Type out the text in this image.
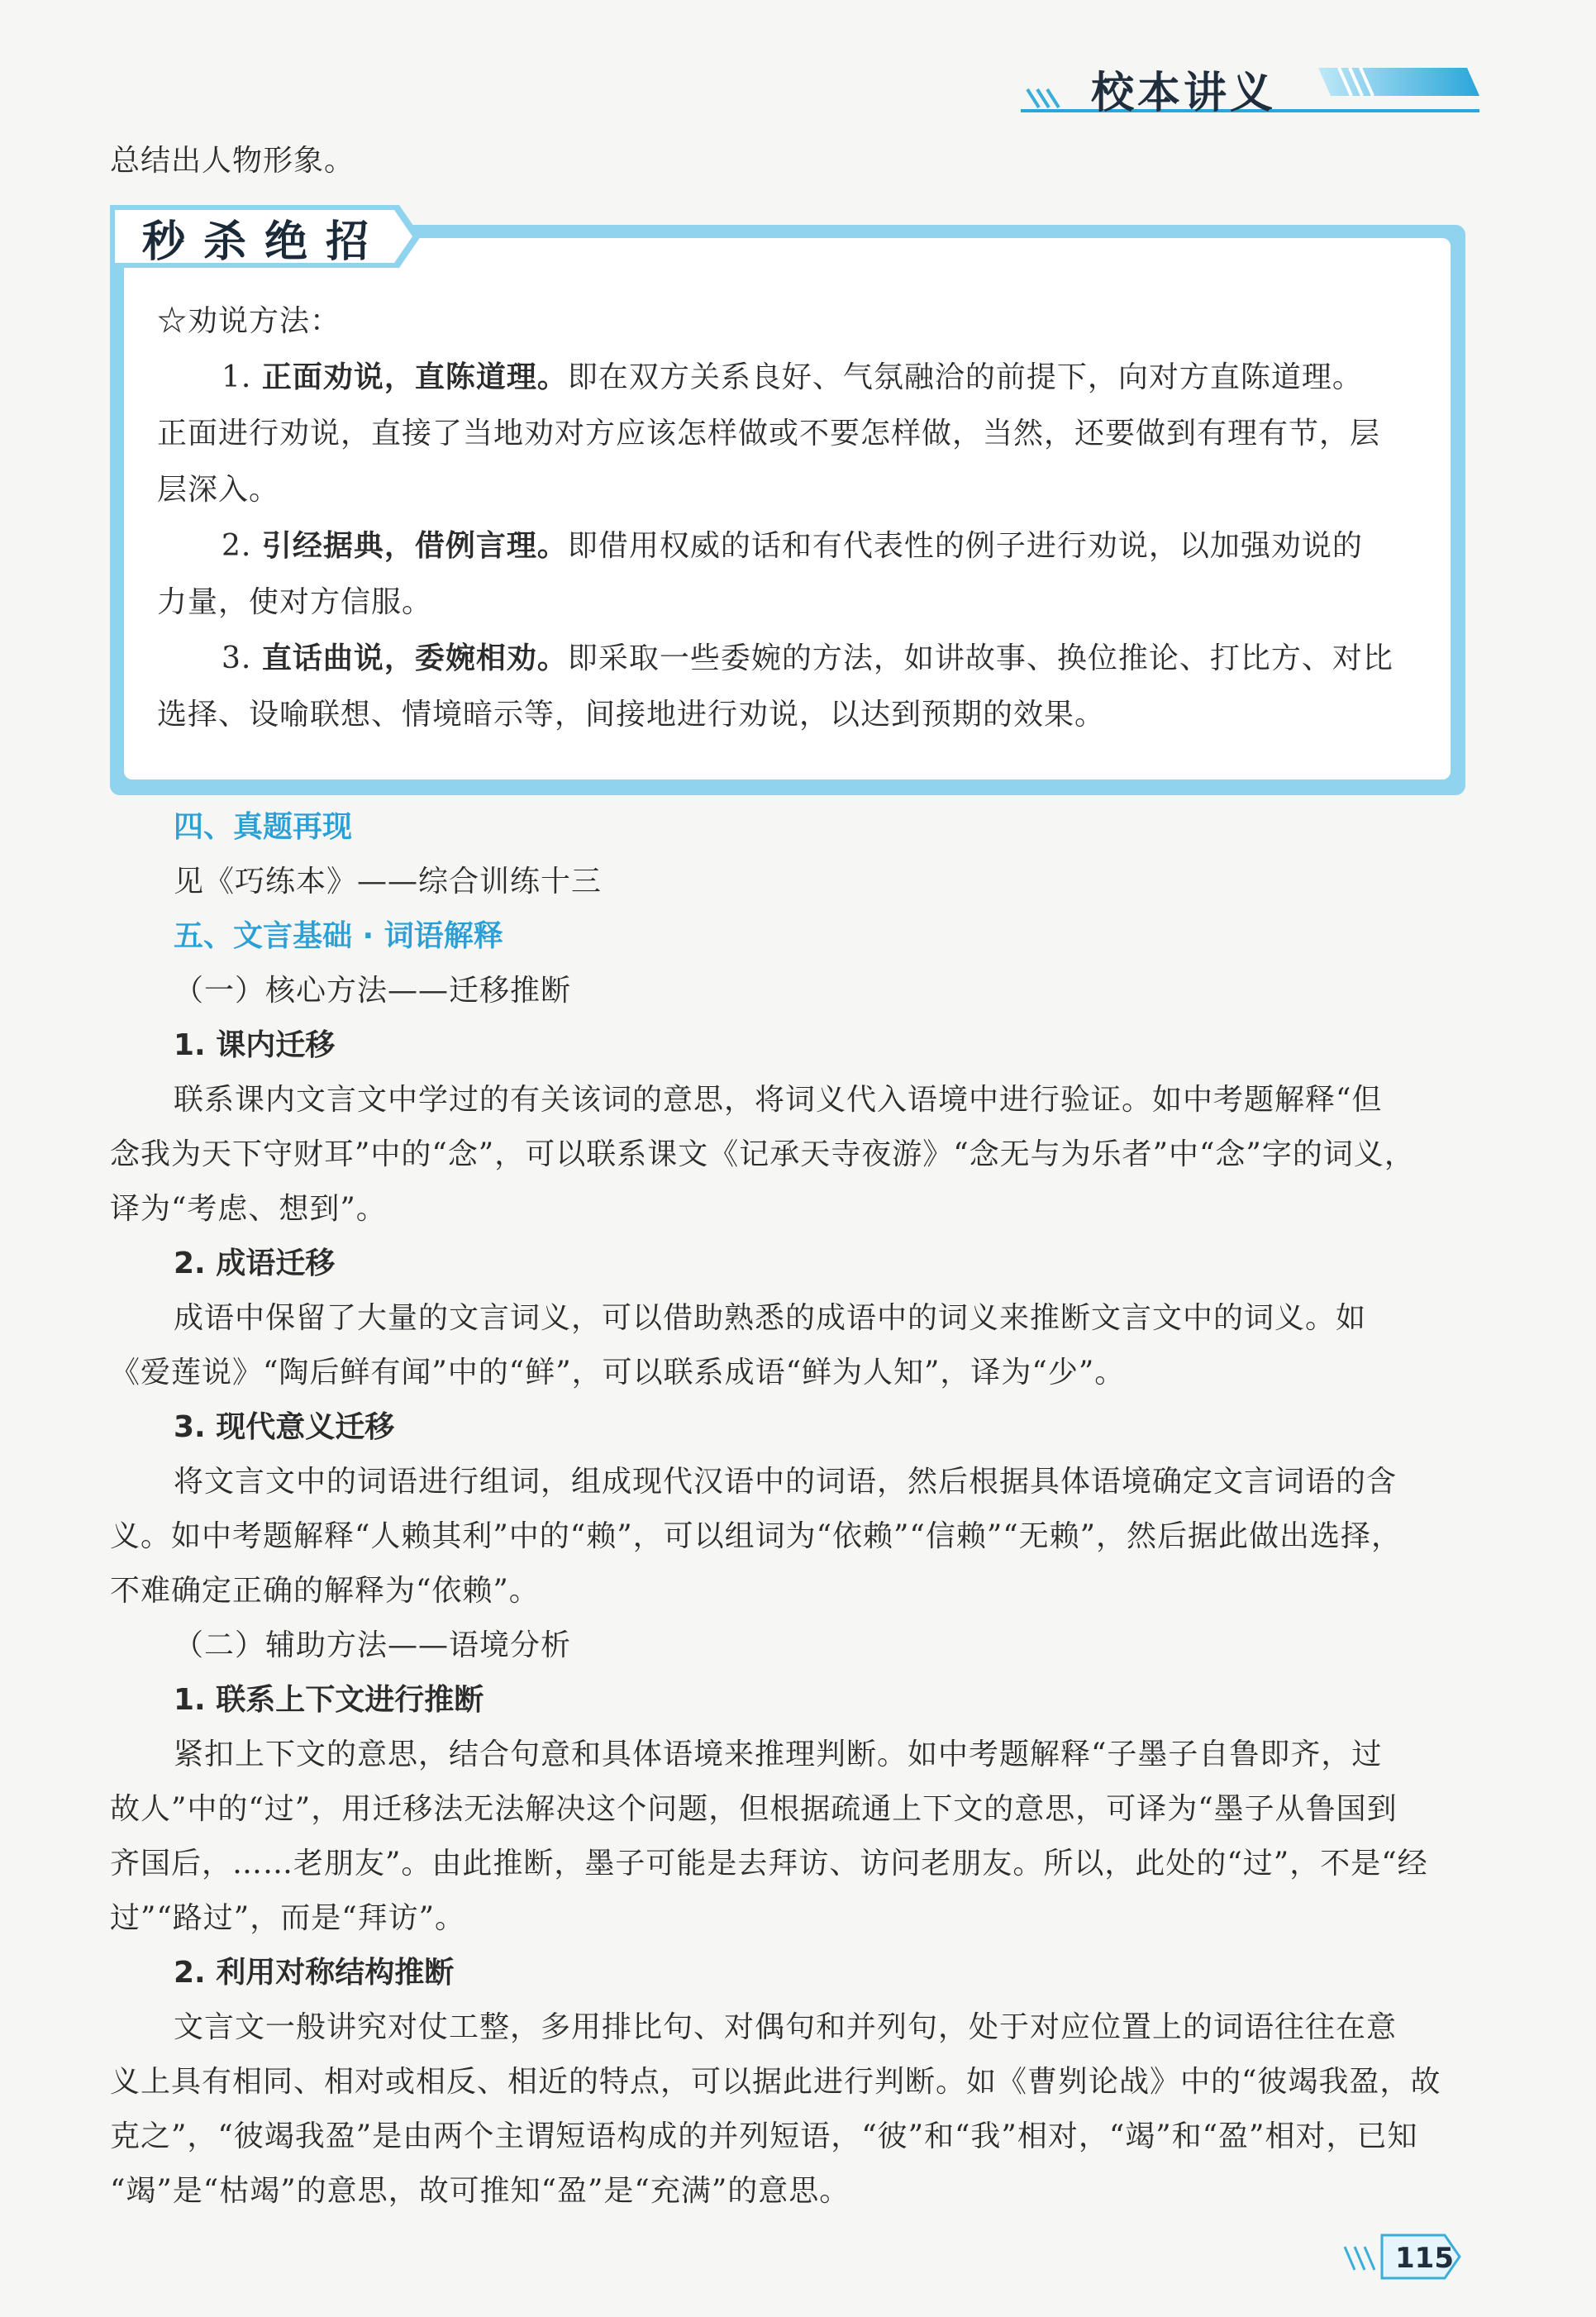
校本讲义
总结出人物形象。
秒杀绝招
☆劝说方法：
1. 正面劝说，直陈道理。即在双方关系良好、气氛融洽的前提下，向对方直陈道理。
正面进行劝说，直接了当地劝对方应该怎样做或不要怎样做，当然，还要做到有理有节，层
层深入。
2. 引经据典，借例言理。即借用权威的话和有代表性的例子进行劝说，以加强劝说的
力量，使对方信服。
3. 直话曲说，委婉相劝。即采取一些委婉的方法，如讲故事、换位推论、打比方、对比
选择、设喻联想、情境暗示等，间接地进行劝说，以达到预期的效果。
四、真题再现
见《巧练本》——综合训练十三
五、文言基础 · 词语解释
（一）核心方法——迁移推断
1. 课内迁移
联系课内文言文中学过的有关该词的意思，将词义代入语境中进行验证。如中考题解释“但
念我为天下守财耳”中的“念”，可以联系课文《记承天寺夜游》“念无与为乐者”中“念”字的词义，
译为“考虑、想到”。
2. 成语迁移
成语中保留了大量的文言词义，可以借助熟悉的成语中的词义来推断文言文中的词义。如
《爱莲说》“陶后鲜有闻”中的“鲜”，可以联系成语“鲜为人知”，译为“少”。
3. 现代意义迁移
将文言文中的词语进行组词，组成现代汉语中的词语，然后根据具体语境确定文言词语的含
义。如中考题解释“人赖其利”中的“赖”，可以组词为“依赖”“信赖”“无赖”，然后据此做出选择，
不难确定正确的解释为“依赖”。
（二）辅助方法——语境分析
1. 联系上下文进行推断
紧扣上下文的意思，结合句意和具体语境来推理判断。如中考题解释“子墨子自鲁即齐，过
故人”中的“过”，用迁移法无法解决这个问题，但根据疏通上下文的意思，可译为“墨子从鲁国到
齐国后，……老朋友”。由此推断，墨子可能是去拜访、访问老朋友。所以，此处的“过”，不是“经
过”“路过”，而是“拜访”。
2. 利用对称结构推断
文言文一般讲究对仗工整，多用排比句、对偶句和并列句，处于对应位置上的词语往往在意
义上具有相同、相对或相反、相近的特点，可以据此进行判断。如《曹刿论战》中的“彼竭我盈，故
克之”，“彼竭我盈”是由两个主谓短语构成的并列短语，“彼”和“我”相对，“竭”和“盈”相对，已知
“竭”是“枯竭”的意思，故可推知“盈”是“充满”的意思。
115
